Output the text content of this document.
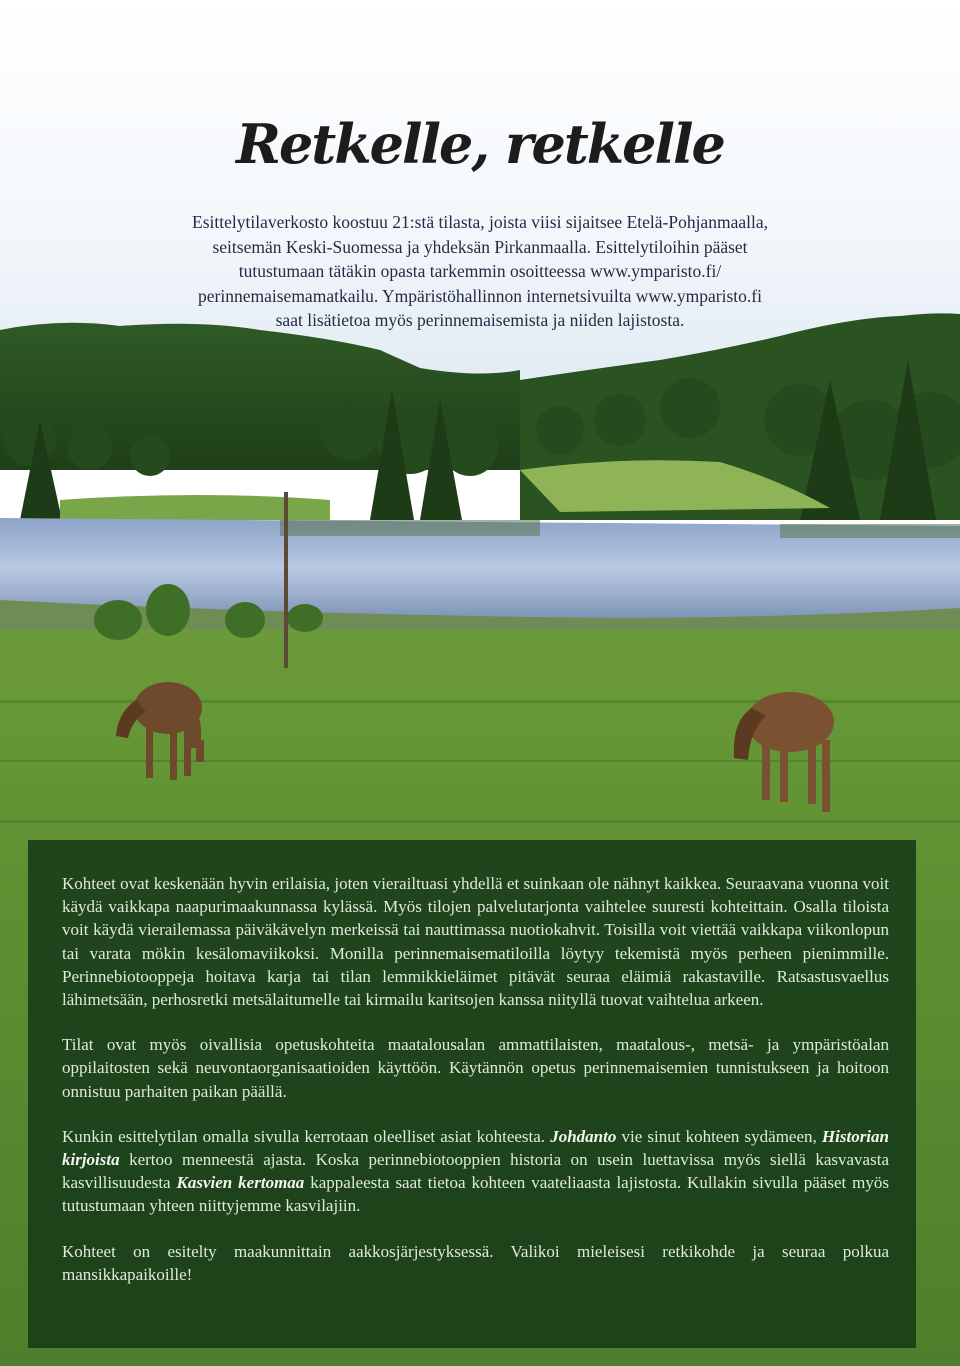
Retkelle, retkelle

Esittelytilaverkosto koostuu 21:stä tilasta, joista viisi sijaitsee Etelä-Pohjanmaalla,
seitsemän Keski-Suomessa ja yhdeksän Pirkanmaalla. Esittelytiloihin pääset
tutustumaan tätäkin opasta tarkemmin osoitteessa www.ymparisto.fi/
perinnemaisemamatkailu. Ympäristöhallinnon internetsivuilta www.ymparisto.fi
saat lisätietoa myös perinnemaisemista ja niiden lajistosta.

Kohteet ovat keskenään hyvin erilaisia, joten vierailtuasi yhdellä et suinkaan ole nähnyt kaikkea. Seuraavana vuonna voit käydä vaikkapa naapurimaakunnassa kylässä. Myös tilojen palvelutarjonta vaihtelee suuresti kohteittain. Osalla tiloista voit käydä vierailemassa päiväkävelyn merkeissä tai nauttimassa nuotiokahvit. Toisilla voit viettää vaikkapa viikonlopun tai varata mökin kesälomaviikoksi. Monilla perinnemaisematiloilla löytyy tekemistä myös perheen pienimmille. Perinnebiotooppeja hoitava karja tai tilan lemmikkieläimet pitävät seuraa eläimiä rakastaville. Ratsastusvaellus lähimetsään, perhosretki metsälaitumelle tai kirmailu karitsojen kanssa niityllä tuovat vaihtelua arkeen.

Tilat ovat myös oivallisia opetuskohteita maatalousalan ammattilaisten, maatalous-, metsä- ja ympäristöalan oppilaitosten sekä neuvontaorganisaatioiden käyttöön. Käytännön opetus perinnemaisemien tunnistukseen ja hoitoon onnistuu parhaiten paikan päällä.

Kunkin esittelytilan omalla sivulla kerrotaan oleelliset asiat kohteesta. Johdanto vie sinut kohteen sydämeen, Historian kirjoista kertoo menneestä ajasta. Koska perinnebiotooppien historia on usein luettavissa myös siellä kasvavasta kasvillisuudesta Kasvien kertomaa kappaleesta saat tietoa kohteen vaateliaasta lajistosta. Kullakin sivulla pääset myös tutustumaan yhteen niittyjemme kasvilajiin.

Kohteet on esitelty maakunnittain aakkosjärjestyksessä. Valikoi mieleisesi retkikohde ja seuraa polkua mansikkapaikoille!
